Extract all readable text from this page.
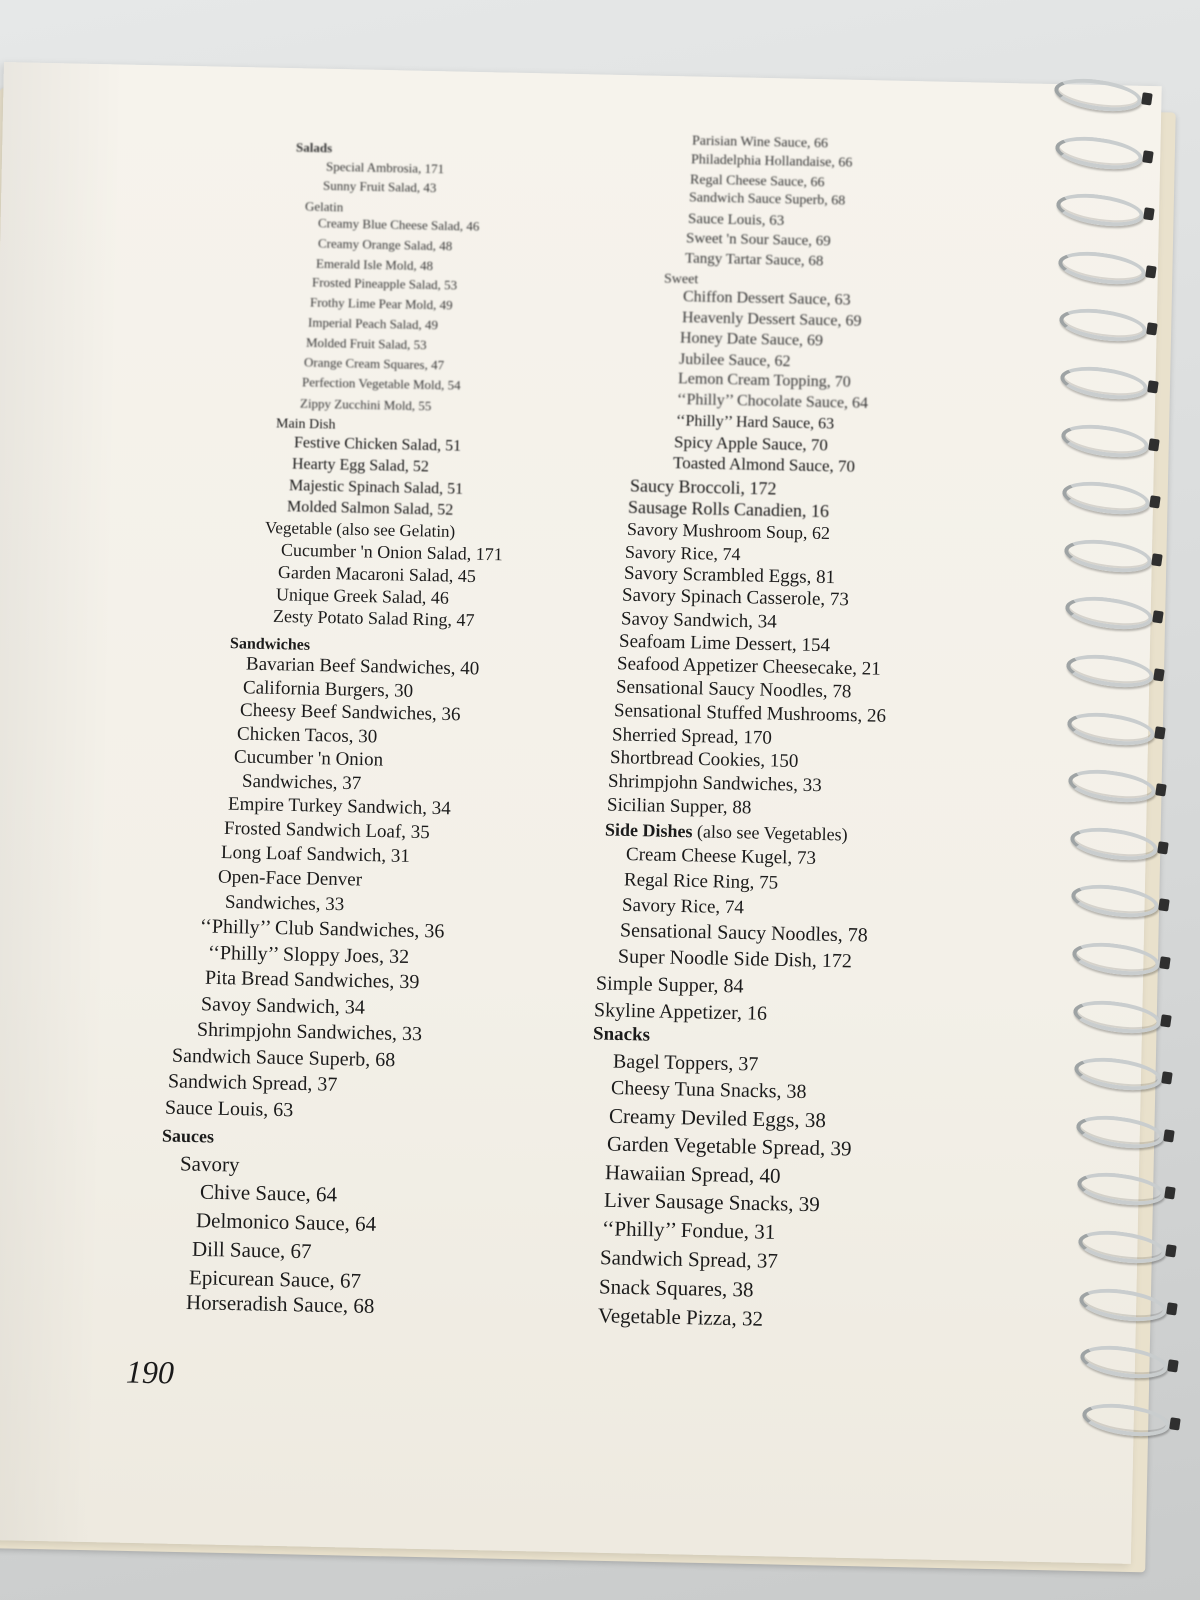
Salads
Special Ambrosia, 171
Sunny Fruit Salad, 43
Gelatin
Creamy Blue Cheese Salad, 46
Creamy Orange Salad, 48
Emerald Isle Mold, 48
Frosted Pineapple Salad, 53
Frothy Lime Pear Mold, 49
Imperial Peach Salad, 49
Molded Fruit Salad, 53
Orange Cream Squares, 47
Perfection Vegetable Mold, 54
Zippy Zucchini Mold, 55
Main Dish
Festive Chicken Salad, 51
Hearty Egg Salad, 52
Majestic Spinach Salad, 51
Molded Salmon Salad, 52
Vegetable (also see Gelatin)
Cucumber 'n Onion Salad, 171
Garden Macaroni Salad, 45
Unique Greek Salad, 46
Zesty Potato Salad Ring, 47
Sandwiches
Bavarian Beef Sandwiches, 40
California Burgers, 30
Cheesy Beef Sandwiches, 36
Chicken Tacos, 30
Cucumber 'n Onion
Sandwiches, 37
Empire Turkey Sandwich, 34
Frosted Sandwich Loaf, 35
Long Loaf Sandwich, 31
Open-Face Denver
Sandwiches, 33
‘‘Philly’’ Club Sandwiches, 36
‘‘Philly’’ Sloppy Joes, 32
Pita Bread Sandwiches, 39
Savoy Sandwich, 34
Shrimpjohn Sandwiches, 33
Sandwich Sauce Superb, 68
Sandwich Spread, 37
Sauce Louis, 63
Sauces
Savory
Chive Sauce, 64
Delmonico Sauce, 64
Dill Sauce, 67
Epicurean Sauce, 67
Horseradish Sauce, 68
Parisian Wine Sauce, 66
Philadelphia Hollandaise, 66
Regal Cheese Sauce, 66
Sandwich Sauce Superb, 68
Sauce Louis, 63
Sweet 'n Sour Sauce, 69
Tangy Tartar Sauce, 68
Sweet
Chiffon Dessert Sauce, 63
Heavenly Dessert Sauce, 69
Honey Date Sauce, 69
Jubilee Sauce, 62
Lemon Cream Topping, 70
‘‘Philly’’ Chocolate Sauce, 64
‘‘Philly’’ Hard Sauce, 63
Spicy Apple Sauce, 70
Toasted Almond Sauce, 70
Saucy Broccoli, 172
Sausage Rolls Canadien, 16
Savory Mushroom Soup, 62
Savory Rice, 74
Savory Scrambled Eggs, 81
Savory Spinach Casserole, 73
Savoy Sandwich, 34
Seafoam Lime Dessert, 154
Seafood Appetizer Cheesecake, 21
Sensational Saucy Noodles, 78
Sensational Stuffed Mushrooms, 26
Sherried Spread, 170
Shortbread Cookies, 150
Shrimpjohn Sandwiches, 33
Sicilian Supper, 88
Side Dishes (also see Vegetables)
Cream Cheese Kugel, 73
Regal Rice Ring, 75
Savory Rice, 74
Sensational Saucy Noodles, 78
Super Noodle Side Dish, 172
Simple Supper, 84
Skyline Appetizer, 16
Snacks
Bagel Toppers, 37
Cheesy Tuna Snacks, 38
Creamy Deviled Eggs, 38
Garden Vegetable Spread, 39
Hawaiian Spread, 40
Liver Sausage Snacks, 39
‘‘Philly’’ Fondue, 31
Sandwich Spread, 37
Snack Squares, 38
Vegetable Pizza, 32
190
